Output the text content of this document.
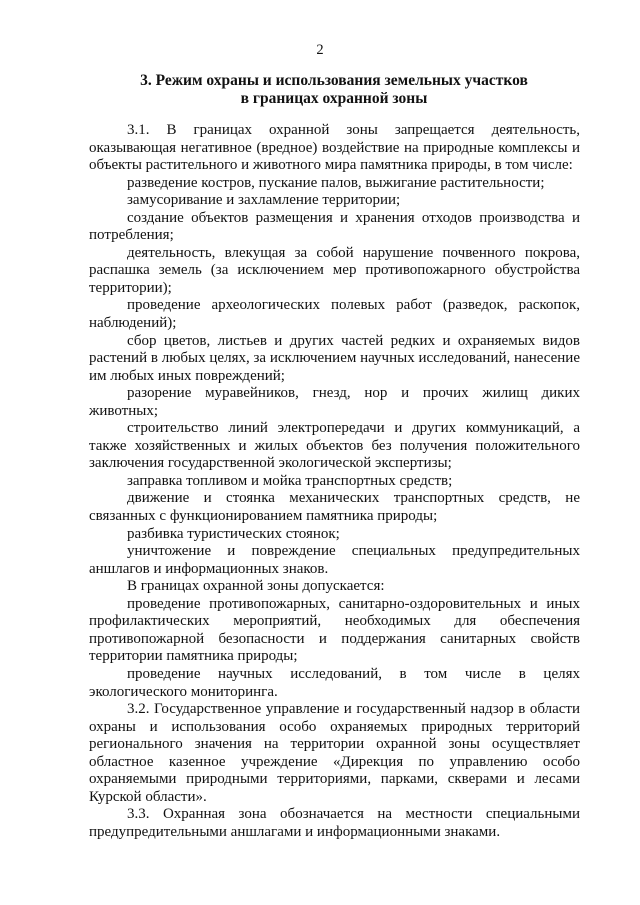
2
3. Режим охраны и использования земельных участков
в границах охранной зоны

3.1. В границах охранной зоны запрещается деятельность, оказывающая негативное (вредное) воздействие на природные комплексы и объекты растительного и животного мира памятника природы, в том числе:

разведение костров, пускание палов, выжигание растительности;

замусоривание и захламление территории;

создание объектов размещения и хранения отходов производства и потребления;

деятельность, влекущая за собой нарушение почвенного покрова, распашка земель (за исключением мер противопожарного обустройства территории);

проведение археологических полевых работ (разведок, раскопок, наблюдений);

сбор цветов, листьев и других частей редких и охраняемых видов растений в любых целях, за исключением научных исследований, нанесение им любых иных повреждений;

разорение муравейников, гнезд, нор и прочих жилищ диких животных;

строительство линий электропередачи и других коммуникаций, а также хозяйственных и жилых объектов без получения положительного заключения государственной экологической экспертизы;

заправка топливом и мойка транспортных средств;

движение и стоянка механических транспортных средств, не связанных с функционированием памятника природы;

разбивка туристических стоянок;

уничтожение и повреждение специальных предупредительных аншлагов и информационных знаков.

В границах охранной зоны допускается:

проведение противопожарных, санитарно-оздоровительных и иных профилактических мероприятий, необходимых для обеспечения противопожарной безопасности и поддержания санитарных свойств территории памятника природы;

проведение научных исследований, в том числе в целях экологического мониторинга.

3.2. Государственное управление и государственный надзор в области охраны и использования особо охраняемых природных территорий регионального значения на территории охранной зоны осуществляет областное казенное учреждение «Дирекция по управлению особо охраняемыми природными территориями, парками, скверами и лесами Курской области».

3.3. Охранная зона обозначается на местности специальными предупредительными аншлагами и информационными знаками.
